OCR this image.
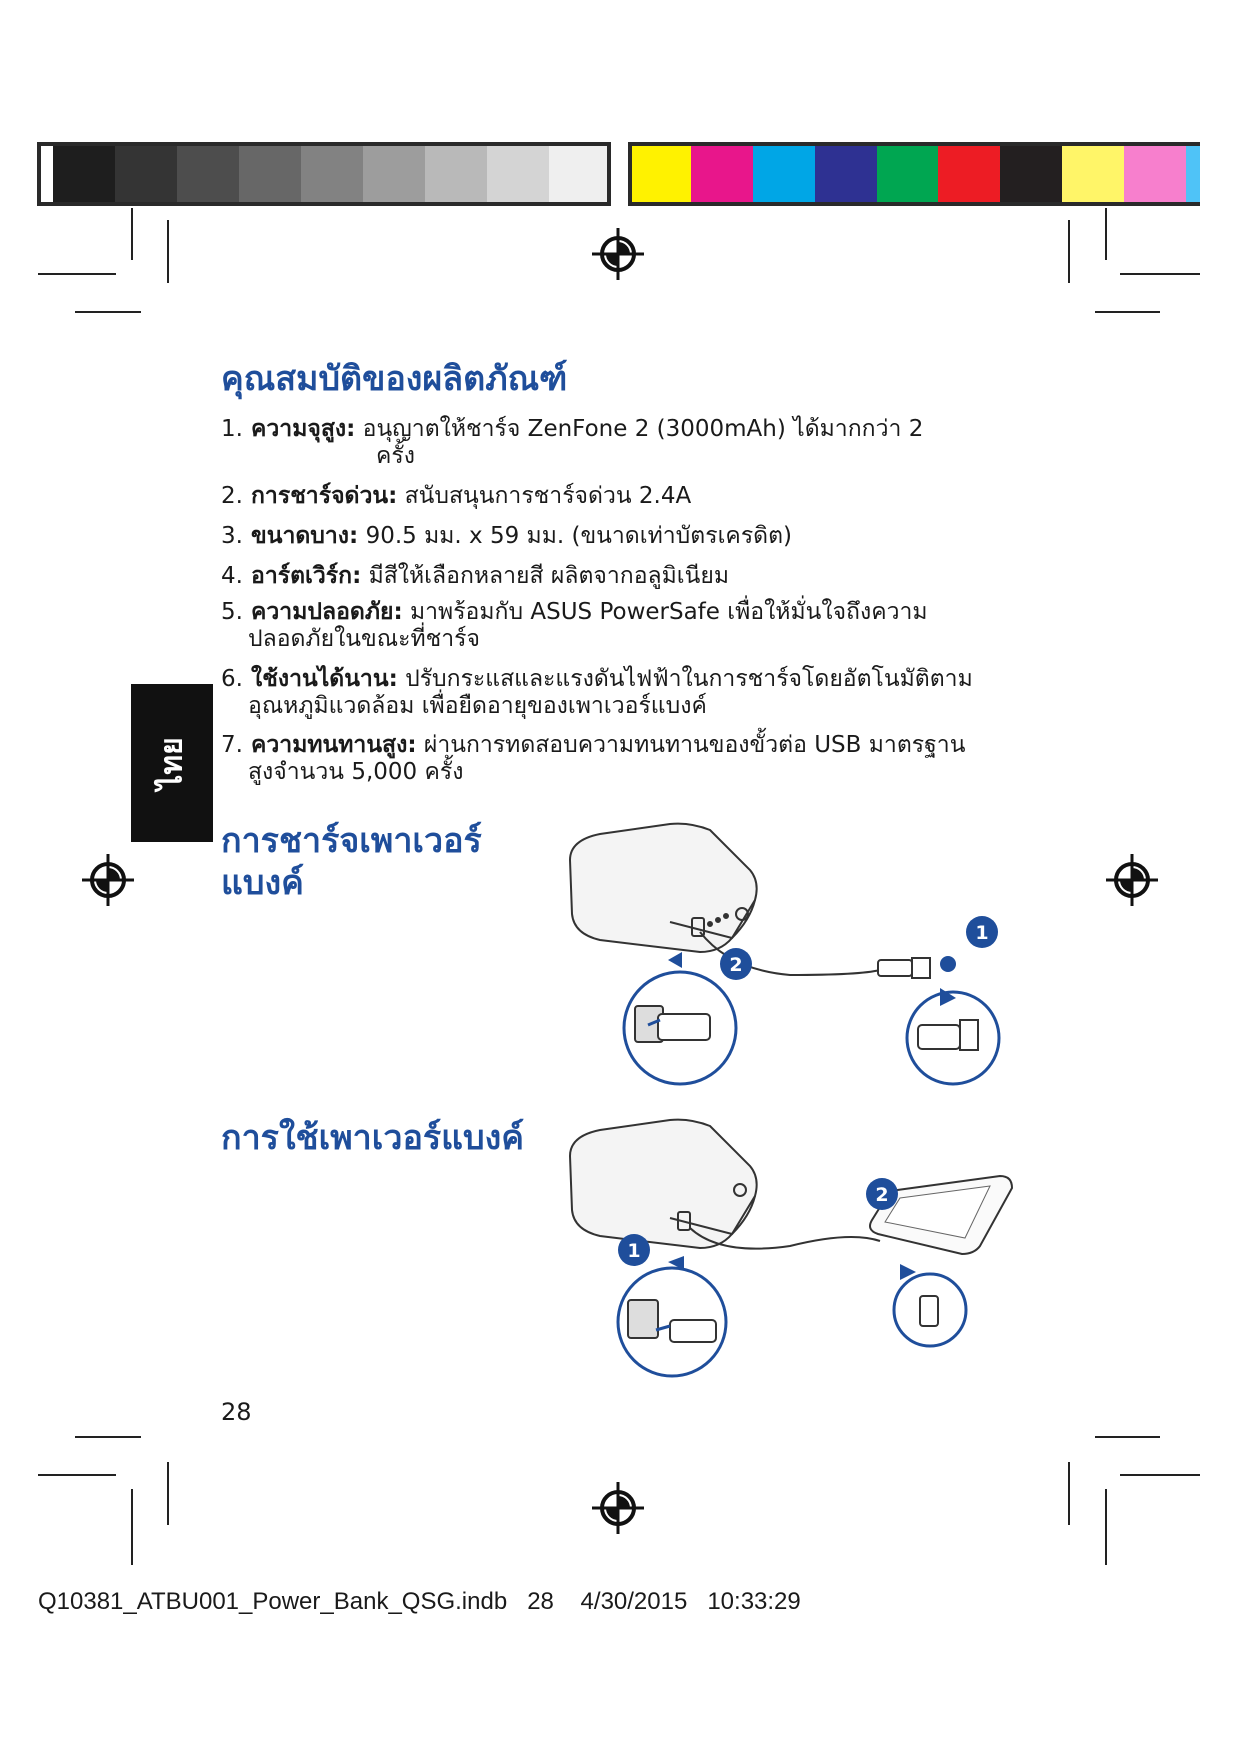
ไทย
คุณสมบัติของผลิตภัณฑ์
1. ความจุสูง: อนุญาตให้ชาร์จ ZenFone 2 (3000mAh) ได้มากกว่า 2
ครั้ง
2. การชาร์จด่วน: สนับสนุนการชาร์จด่วน 2.4A
3. ขนาดบาง: 90.5 มม. x 59 มม. (ขนาดเท่าบัตรเครดิต)
4. อาร์ตเวิร์ก: มีสีให้เลือกหลายสี ผลิตจากอลูมิเนียม
5. ความปลอดภัย: มาพร้อมกับ ASUS PowerSafe เพื่อให้มั่นใจถึงความ
ปลอดภัยในขณะที่ชาร์จ
6. ใช้งานได้นาน: ปรับกระแสและแรงดันไฟฟ้าในการชาร์จโดยอัตโนมัติตาม
อุณหภูมิแวดล้อม เพื่อยืดอายุของเพาเวอร์แบงค์
7. ความทนทานสูง: ผ่านการทดสอบความทนทานของขั้วต่อ USB มาตรฐาน
สูงจำนวน 5,000 ครั้ง
การชาร์จเพาเวอร์
แบงค์
1
2
การใช้เพาเวอร์แบงค์
1
2
28
Q10381_ATBU001_Power_Bank_QSG.indb   28    4/30/2015   10:33:29
